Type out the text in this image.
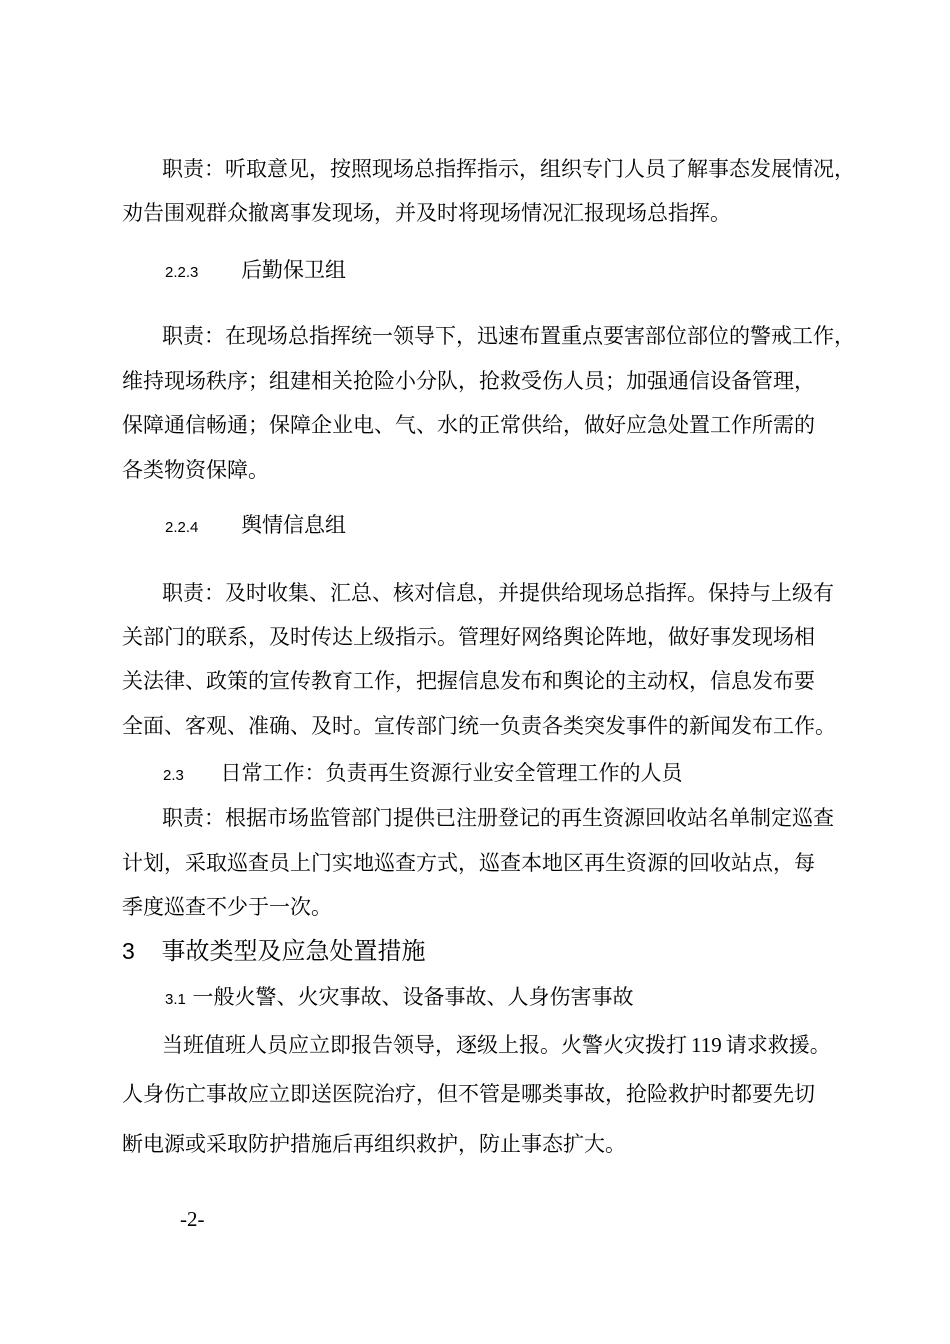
职责：听取意见，按照现场总指挥指示，组织专门人员了解事态发展情况，
劝告围观群众撤离事发现场，并及时将现场情况汇报现场总指挥。
2.2.3 后勤保卫组
职责：在现场总指挥统一领导下，迅速布置重点要害部位部位的警戒工作，
维持现场秩序；组建相关抢险小分队，抢救受伤人员；加强通信设备管理，
保障通信畅通；保障企业电、气、水的正常供给，做好应急处置工作所需的
各类物资保障。
2.2.4 舆情信息组
职责：及时收集、汇总、核对信息，并提供给现场总指挥。保持与上级有
关部门的联系，及时传达上级指示。管理好网络舆论阵地，做好事发现场相
关法律、政策的宣传教育工作，把握信息发布和舆论的主动权，信息发布要
全面、客观、准确、及时。宣传部门统一负责各类突发事件的新闻发布工作。
2.3 日常工作：负责再生资源行业安全管理工作的人员
职责：根据市场监管部门提供已注册登记的再生资源回收站名单制定巡查
计划，采取巡查员上门实地巡查方式，巡查本地区再生资源的回收站点，每
季度巡查不少于一次。
3 事故类型及应急处置措施
3.1 一般火警、火灾事故、设备事故、人身伤害事故
当班值班人员应立即报告领导，逐级上报。火警火灾拨打 119 请求救援。
人身伤亡事故应立即送医院治疗，但不管是哪类事故，抢险救护时都要先切
断电源或采取防护措施后再组织救护，防止事态扩大。
-2-
